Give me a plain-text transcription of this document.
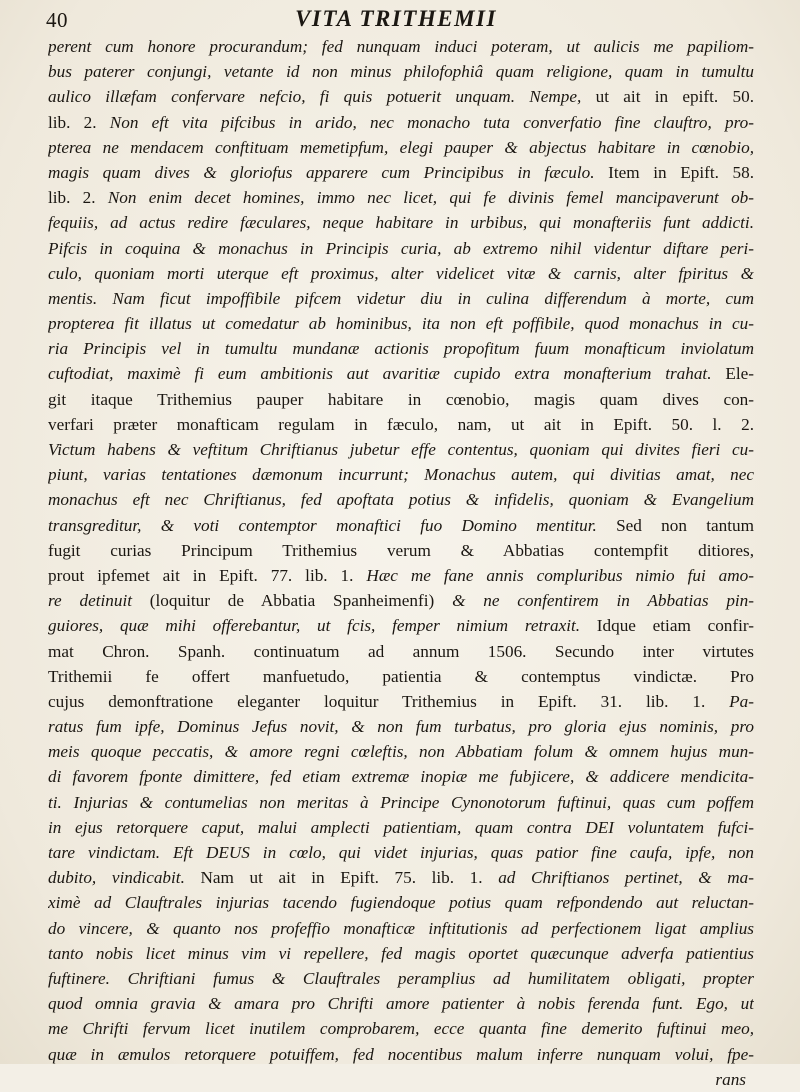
40	VITA TRITHEMII
perent cum honore procurandum; fed nunquam induci poteram, ut aulicis me papiliom-
bus paterer conjungi, vetante id non minus philofophiâ quam religione, quam in tumultu
aulico illæfam confervare nefcio, fi quis potuerit unquam. Nempe, ut ait in epift. 50.
lib. 2. Non eft vita pifcibus in arido, nec monacho tuta converfatio fine clauftro, pro-
pterea ne mendacem conftituam memetipfum, elegi pauper & abjectus habitare in cœnobio,
magis quam dives & gloriofus apparere cum Principibus in fæculo. Item in Epift. 58.
lib. 2. Non enim decet homines, immo nec licet, qui fe divinis femel mancipaverunt ob-
fequiis, ad actus redire fæculares, neque habitare in urbibus, qui monafteriis funt addicti.
Pifcis in coquina & monachus in Principis curia, ab extremo nihil videntur diftare peri-
culo, quoniam morti uterque eft proximus, alter videlicet vitæ & carnis, alter fpiritus &
mentis. Nam ficut impoffibile pifcem videtur diu in culina differendum à morte, cum
propterea fit illatus ut comedatur ab hominibus, ita non eft poffibile, quod monachus in cu-
ria Principis vel in tumultu mundanæ actionis propofitum fuum monafticum inviolatum
cuftodiat, maximè fi eum ambitionis aut avaritiæ cupido extra monafterium trahat. Ele-
git itaque Trithemius pauper habitare in cœnobio, magis quam dives con-
verfari præter monafticam regulam in fæculo, nam, ut ait in Epift. 50. l. 2.
Victum habens & veftitum Chriftianus jubetur effe contentus, quoniam qui divites fieri cu-
piunt, varias tentationes dæmonum incurrunt; Monachus autem, qui divitias amat, nec
monachus eft nec Chriftianus, fed apoftata potius & infidelis, quoniam & Evangelium
transgreditur, & voti contemptor monaftici fuo Domino mentitur. Sed non tantum
fugit curias Principum Trithemius verum & Abbatias contempfit ditiores,
prout ipfemet ait in Epift. 77. lib. 1. Hæc me fane annis compluribus nimio fui amo-
re detinuit (loquitur de Abbatia Spanheimenfi) & ne confentirem in Abbatias pin-
guiores, quæ mihi offerebantur, ut fcis, femper nimium retraxit. Idque etiam confir-
mat Chron. Spanh. continuatum ad annum 1506. Secundo inter virtutes
Trithemii fe offert manfuetudo, patientia & contemptus vindictæ. Pro
cujus demonftratione eleganter loquitur Trithemius in Epift. 31. lib. 1. Pa-
ratus fum ipfe, Dominus Jefus novit, & non fum turbatus, pro gloria ejus nominis, pro
meis quoque peccatis, & amore regni cœleftis, non Abbatiam folum & omnem hujus mun-
di favorem fponte dimittere, fed etiam extremæ inopiæ me fubjicere, & addicere mendicita-
ti. Injurias & contumelias non meritas à Principe Cynonotorum fuftinui, quas cum poffem
in ejus retorquere caput, malui amplecti patientiam, quam contra DEI voluntatem fufci-
tare vindictam. Eft DEUS in cœlo, qui videt injurias, quas patior fine caufa, ipfe, non
dubito, vindicabit. Nam ut ait in Epift. 75. lib. 1. ad Chriftianos pertinet, & ma-
ximè ad Clauftrales injurias tacendo fugiendoque potius quam refpondendo aut reluctan-
do vincere, & quanto nos profeffio monafticæ inftitutionis ad perfectionem ligat amplius
tanto nobis licet minus vim vi repellere, fed magis oportet quæcunque adverfa patientius
fuftinere. Chriftiani fumus & Clauftrales peramplius ad humilitatem obligati, propter
quod omnia gravia & amara pro Chrifti amore patienter à nobis ferenda funt. Ego, ut
me Chrifti fervum licet inutilem comprobarem, ecce quanta fine demerito fuftinui meo,
quæ in æmulos retorquere potuiffem, fed nocentibus malum inferre nunquam volui, fpe-
rans
